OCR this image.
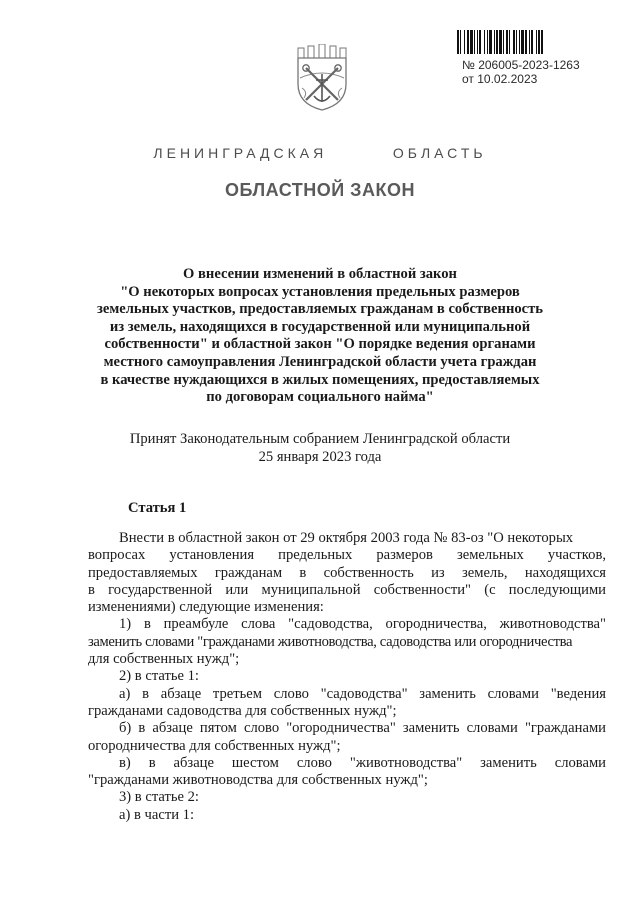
№ 206005-2023-1263
от 10.02.2023
ЛЕНИНГРАДСКАЯ   ОБЛАСТЬ
ОБЛАСТНОЙ ЗАКОН
О внесении изменений в областной закон
"О некоторых вопросах установления предельных размеров
земельных участков, предоставляемых гражданам в собственность
из земель, находящихся в государственной или муниципальной
собственности" и областной закон "О порядке ведения органами
местного самоуправления Ленинградской области учета граждан
в качестве нуждающихся в жилых помещениях, предоставляемых
по договорам социального найма"
Принят Законодательным собранием Ленинградской области
25 января 2023 года
Статья 1
Внести в областной закон от 29 октября 2003 года № 83-оз "О некоторых
вопросах установления предельных размеров земельных участков,
предоставляемых гражданам в собственность из земель, находящихся
в государственной или муниципальной собственности" (с последующими
изменениями) следующие изменения:
1) в преамбуле слова "садоводства, огородничества, животноводства"
заменить словами "гражданами животноводства, садоводства или огородничества
для собственных нужд";
2) в статье 1:
а) в абзаце третьем слово "садоводства" заменить словами "ведения
гражданами садоводства для собственных нужд";
б) в абзаце пятом слово "огородничества" заменить словами "гражданами
огородничества для собственных нужд";
в) в абзаце шестом слово "животноводства" заменить словами
"гражданами животноводства для собственных нужд";
3) в статье 2:
а) в части 1:
